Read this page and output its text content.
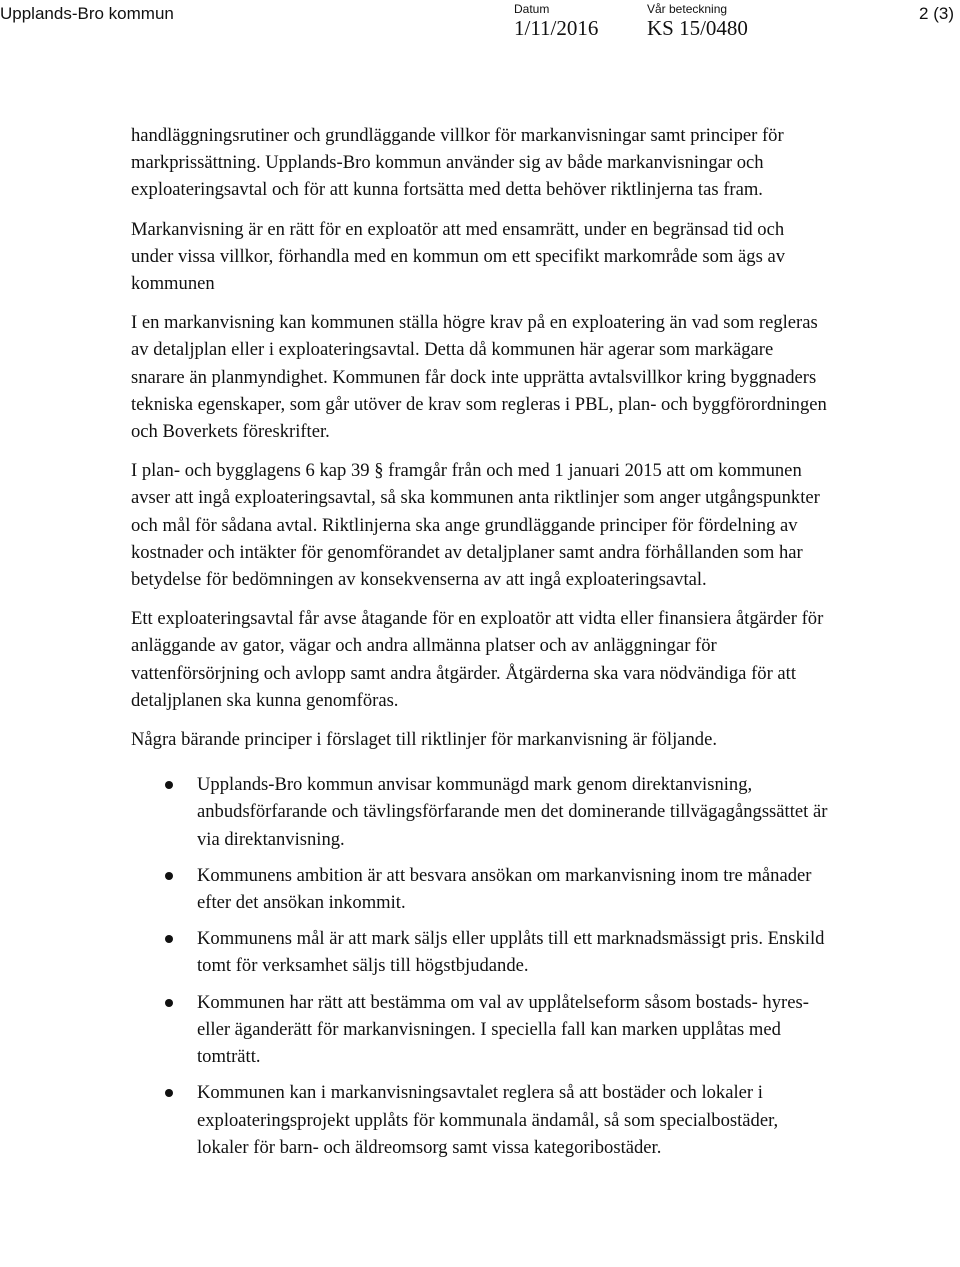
Upplands-Bro kommun	Datum
1/11/2016
Vår beteckning
KS 15/0480
2 (3)

handläggningsrutiner och grundläggande villkor för markanvisningar samt principer för markprissättning. Upplands-Bro kommun använder sig av både markanvisningar och exploateringsavtal och för att kunna fortsätta med detta behöver riktlinjerna tas fram.

Markanvisning är en rätt för en exploatör att med ensamrätt, under en begränsad tid och under vissa villkor, förhandla med en kommun om ett specifikt markområde som ägs av kommunen

I en markanvisning kan kommunen ställa högre krav på en exploatering än vad som regleras av detaljplan eller i exploateringsavtal. Detta då kommunen här agerar som markägare snarare än planmyndighet. Kommunen får dock inte upprätta avtalsvillkor kring byggnaders tekniska egenskaper, som går utöver de krav som regleras i PBL, plan- och byggförordningen och Boverkets föreskrifter.

I plan- och bygglagens 6 kap 39 § framgår från och med 1 januari 2015 att om kommunen avser att ingå exploateringsavtal, så ska kommunen anta riktlinjer som anger utgångspunkter och mål för sådana avtal. Riktlinjerna ska ange grundläggande principer för fördelning av kostnader och intäkter för genomförandet av detaljplaner samt andra förhållanden som har betydelse för bedömningen av konsekvenserna av att ingå exploateringsavtal.

Ett exploateringsavtal får avse åtagande för en exploatör att vidta eller finansiera åtgärder för anläggande av gator, vägar och andra allmänna platser och av anläggningar för vattenförsörjning och avlopp samt andra åtgärder. Åtgärderna ska vara nödvändiga för att detaljplanen ska kunna genomföras.

Några bärande principer i förslaget till riktlinjer för markanvisning är följande.

Upplands-Bro kommun anvisar kommunägd mark genom direktanvisning, anbudsförfarande och tävlingsförfarande men det dominerande tillvägagångssättet är via direktanvisning.
Kommunens ambition är att besvara ansökan om markanvisning inom tre månader efter det ansökan inkommit.
Kommunens mål är att mark säljs eller upplåts till ett marknadsmässigt pris. Enskild tomt för verksamhet säljs till högstbjudande.
Kommunen har rätt att bestämma om val av upplåtelseform såsom bostads- hyres- eller äganderätt för markanvisningen. I speciella fall kan marken upplåtas med tomträtt.
Kommunen kan i markanvisningsavtalet reglera så att bostäder och lokaler i exploateringsprojekt upplåts för kommunala ändamål, så som specialbostäder, lokaler för barn- och äldreomsorg samt vissa kategoribostäder.
